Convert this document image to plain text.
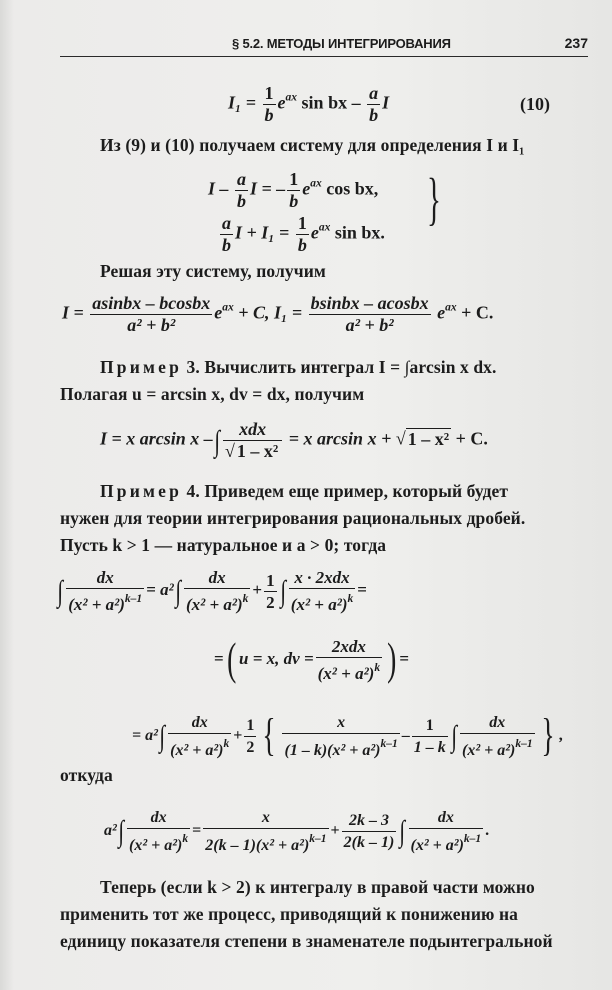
§ 5.2. МЕТОДЫ ИНТЕГРИРОВАНИЯ	237
$I_1 = \frac{1}{b} e^{ax}$ sin bx – $\frac{a}{b}$ I	(10)
Из (9) и (10) получаем систему для определения I и I₁
I – $\frac{a}{b}$ I = – $\frac{1}{b} e^{ax}$ cos bx,
$\frac{a}{b}$ $I + I_1 = \frac{1}{b} e^{ax}$ sin bx.
}
Решая эту систему, получим
$I = \frac{\text{asinbx – bcosbx}}{\text{a² + b²}} e^{ax} + C$, $I_1 = \frac{\text{bsinbx – acosbx}}{\text{a² + b²}} e^{ax} + C$.
Пример 3. Вычислить интеграл I = ∫arcsin x dx.
Полагая u = arcsin x, dv = dx, получим
I = x arcsin x –∫ $\frac{\text{xdx}}{\text{√ 1 – x²}} = x$ arcsin x + √ 1 – x² + C.
Пример 4. Приведем еще пример, который будет
нужен для теории интегрирования рациональных дробей.
Пусть k > 1 — натуральное и a > 0; тогда
∫ $\frac{dx}{(x^2 + a^2)^{k-1}} = a^2\int \frac{dx}{(x^2 + a^2)^k} + \frac{1}{2}$ ∫ $\frac{\text{x · 2xdx}}{(x^2 + a^2)^k}$ =
=( u = x, dv = $\frac{\text{2xdx}}{(x^2 + a^2)^k}$ ) =
= $a^2\int \frac{dx}{(x^2 + a^2)^k} + \frac{1}{2}$ { $\frac{x}{(1 - k)(x^2 + a^2)^{k-1}} - \frac{1}{1 - k}$ ∫ $\frac{dx}{(x^2 + a^2)^{k-1}}$ } ,
откуда
$a^2\int \frac{dx}{(x^2 + a^2)^k} = \frac{x}{2(k - 1)(x^2 + a^2)^{k-1}} + \frac{2k - 3}{2(k - 1)}$ ∫ $\frac{dx}{(x^2 + a^2)^{k-1}}$ .
Теперь (если k > 2) к интегралу в правой части можно
применить тот же процесс, приводящий к понижению на
единицу показателя степени в знаменателе подынтегральной
